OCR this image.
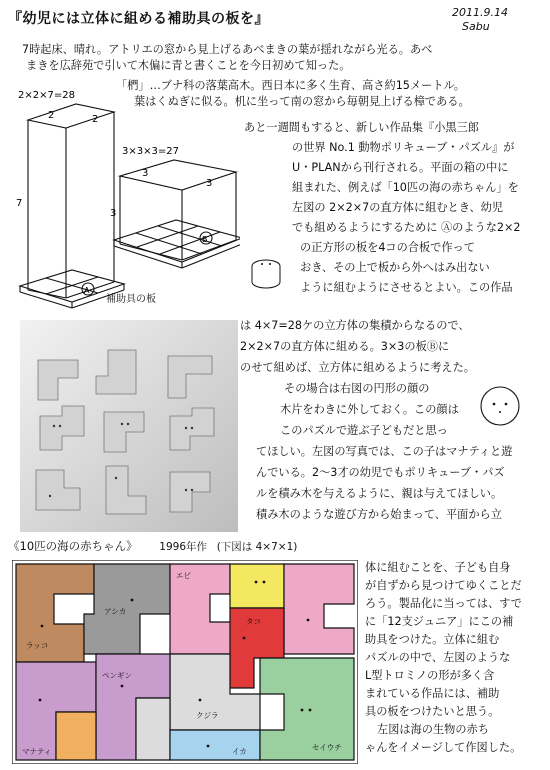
『幼児には立体に組める補助具の板を』	2011.9.14
Sabu
7時起床、晴れ。アトリエの窓から見上げるあべまきの葉が揺れながら光る。あべ
まきを広辞苑で引いて木偏に青と書くことを今日初めて知った。
「椚」…ブナ科の落葉高木。西日本に多く生育、高さ約15メートル。
葉はくぬぎに似る。机に坐って南の窓から毎朝見上げる樟である。
あと一週間もすると、新しい作品集『小黒三郎
の世界 No.1 動物ポリキューブ・パズル』が
U・PLANから刊行される。平面の箱の中に
組まれた、例えば「10匹の海の赤ちゃん」を
左図の 2×2×7の直方体に組むとき、幼児
でも組めるようにするために Ⓐのような2×2
の正方形の板を4コの合板で作って
おき、その上で板から外へはみ出ない
ように組むようにさせるとよい。この作品
は 4×7=28ケの立方体の集積からなるので、
2×2×7の直方体に組める。3×3の板Ⓑに
のせて組めば、立方体に組めるように考えた。
その場合は右図の円形の顔の
木片をわきに外しておく。この顔は
このパズルで遊ぶ子どもだと思っ
てほしい。左図の写真では、この子はマナティと遊
んでいる。2〜3才の幼児でもポリキューブ・パズ
ルを積み木を与えるように、親は与えてほしい。
積み木のような遊び方から始まって、平面から立
体に組むことを、子ども自身
が自ずから見つけてゆくことだ
ろう。製品化に当っては、すで
に「12支ジュニア」にこの補
助具をつけた。立体に組む
パズルの中で、左図のような
L型トロミノの形が多く含
まれている作品には、補助
具の板をつけたいと思う。
左図は海の生物の赤ち
ゃんをイメージして作図した。
2×2×7=28
2	2
7
3×3×3=27
3
3
3
A
B
補助具の板
《10匹の海の赤ちゃん》 1996年作 (下図は 4×7×1)
ラッコ
アシカ
エビ
タコ
ペンギン
クジラ
マナティ	イカ	セイウチ
